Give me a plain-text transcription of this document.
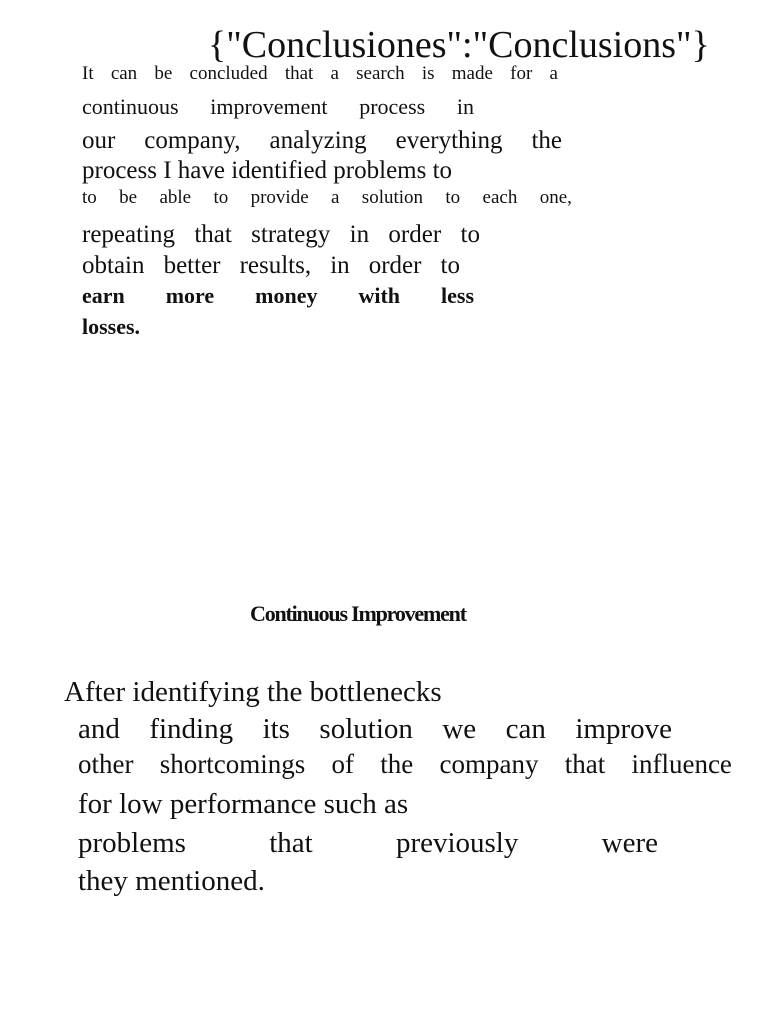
{"Conclusiones":"Conclusions"}
It can be concluded that a search is made for a
continuous improvement process in
our company, analyzing everything the
process I have identified problems to
to be able to provide a solution to each one,
repeating that strategy in order to
obtain better results, in order to
earn more money with less
losses.
Continuous Improvement
After identifying the bottlenecks
and finding its solution we can improve
other shortcomings of the company that influence
for low performance such as
problems	that	previously	were
they mentioned.
